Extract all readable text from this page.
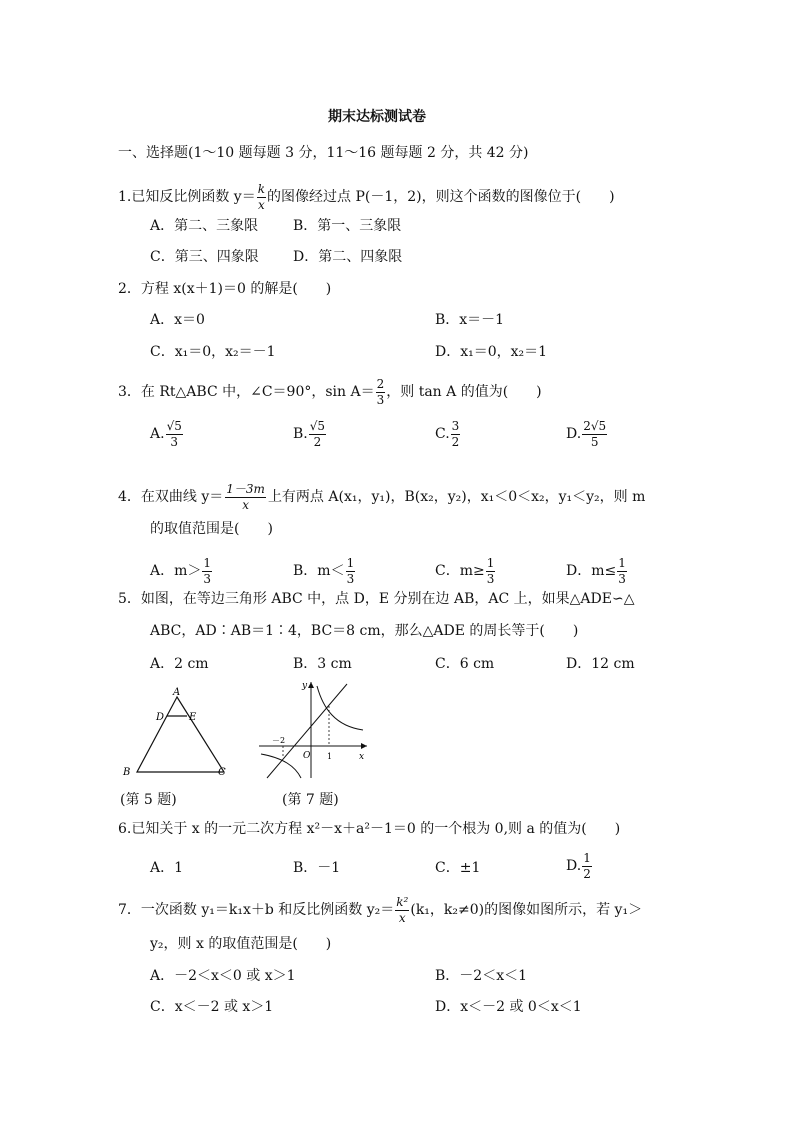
期末达标测试卷
一、选择题(1～10 题每题 3 分，11～16 题每题 2 分，共 42 分)
1.已知反比例函数 $y= \frac{k}{x}$ 的图像经过点 P(－1，2)，则这个函数的图像位于(　　)
A．第二、三象限 B．第一、三象限
C．第三、四象限 D．第二、四象限
2．方程 x(x＋1)＝0 的解是(　　)
A．x＝0	B．x＝－1
C．x₁＝0，x₂＝－1	D．x₁＝0，x₂＝1
3．在 Rt△ABC 中，∠C＝90°，$\sin A= \frac{2}{3}$ ，则 tan A 的值为(　　)
A. $\frac{√5}{3}$	B. $\frac{√5}{2}$	C. $\frac{3}{2}$	D. $\frac{2√5}{5}$
4．在双曲线 $y= \frac{1-3m}{x}$ 上有两点 A(x₁，y₁)，B(x₂，y₂)，x₁＜0＜x₂，y₁＜y₂，则 m
的取值范围是(　　)
A．$m> \frac{1}{3}$	B．$m< \frac{1}{3}$	C．$m\ge \frac{1}{3}$	D．$m\le \frac{1}{3}$
5．如图，在等边三角形 ABC 中，点 D，E 分别在边 AB，AC 上，如果△ADE∽△
ABC，AD∶AB＝1∶4，BC＝8 cm，那么△ADE 的周长等于(　　)
A．2 cm	B．3 cm	C．6 cm	D．12 cm
A
D E
B	C
y
x
O
－2
1
(第 5 题)	(第 7 题)
6.已知关于 x 的一元二次方程 x²－x＋a²－1＝0 的一个根为 0,则 a 的值为(　　)
A．1	B．－1	C．±1	D. $\frac{1}{2}$
7．一次函数 y₁＝k₁x＋b 和反比例函数 $y_2= \frac{\text{k²}}{x} (k_1$，k₂≠0)的图像如图所示，若 y₁＞
y₂，则 x 的取值范围是(　　)
A．－2＜x＜0 或 x＞1	B．－2＜x＜1
C．x＜－2 或 x＞1	D．x＜－2 或 0＜x＜1
